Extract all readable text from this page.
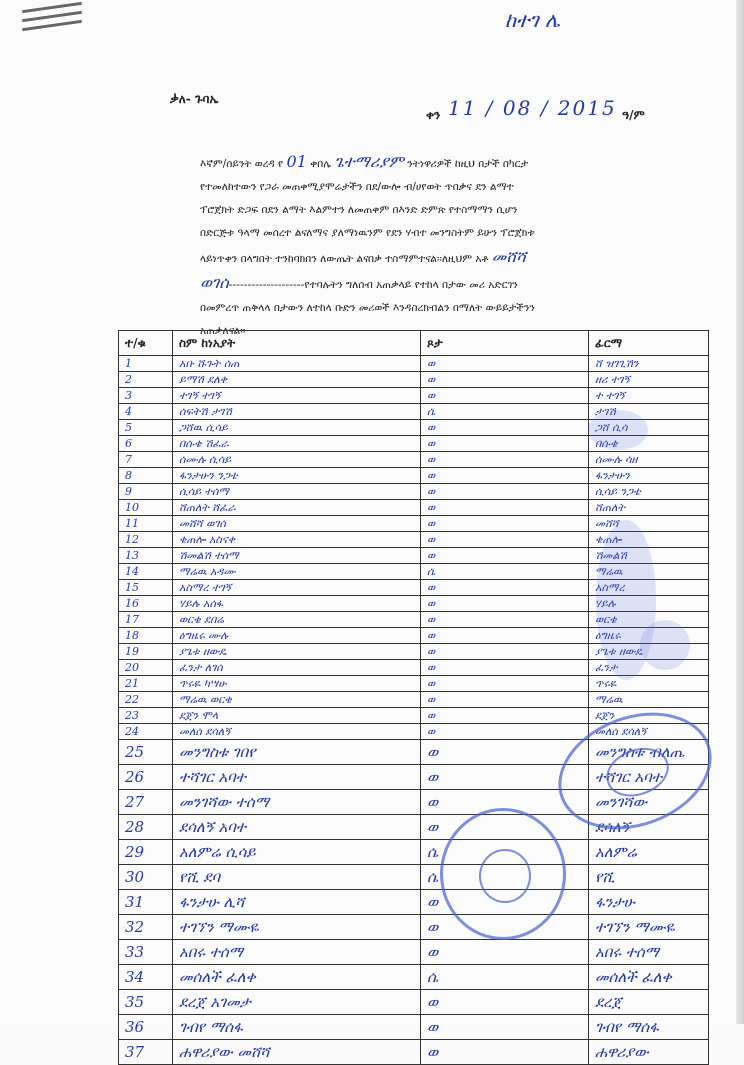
ከተገ ሌ
ቃለ- ጉባኤ
ቀን 11 / 08 / 2015 ዓ/ም
እኛም/ሰይንት ወረዳ የ 01 ቀበሌ ጌተማሪያም ንትነዋሪዎች ከዚህ በታች በካርታ
የተመለከተውን የጋራ መጠቀሚያሞሬታችን በደ/ውሎ ብ/ሀየወት ጥበቃና ደን ልማተ
ፕሮጀክት ድጋፍ በደን ልማት እልምተን ለመጠቀም በእንድ ድምጽ የተስማማን ሲሆን
በድርጅቱ ዓላማ መሰረተ ልናለማና ያለማነዉንም የደን ሃብተ መንግስትም ይሁን ፕሮጀክቱ
ላይነጥቀን በላግበት ተንከባክበን ለውጤት ልናበቃ ተስማምተናል፡፡ለዚህም አቶ መሸሻ
ወገሰ--------------------የተባሉትን ግለሰብ አጠቃላይ የተከላ በታው መሪ አድርገን
በመምረጥ ጠቅላላ በታውን ለተከላ ቡድን መሪወች እንዳስረክብልን በማለት ውይይታችንን
አጠቃለናል፡፡
ተ/ቁ	ስም ከነአያት	ጾታ	ፊርማ
1	አቡ ሹጉት ሰጠ	ወ	ሸ ዝገጊሽን
2	ይማሽ ደለቀ	ወ	ዘሪ ተገኝ
3	ተገኝ ተገኝ	ወ	ተ ተገኝ
4	ሰፍትሽ ታገሽ	ሴ	ታገሽ
5	ጋሸዉ ሲሳይ	ወ	ጋሸ ሲሳ
6	በሱቄ ሽፈራ	ወ	በሱቄ
7	ሰሙሉ ሲሳይ	ወ	ሰሙሉ ሳዘ
8	ፋንታሁን ንጋቴ	ወ	ፋንታሁን
9	ሲሳይ ተሰማ	ወ	ሲሳይ ንጋቴ
10	ሸጠለት ሸፈራ	ወ	ሸጠለት
11	መሸሻ ወገሰ	ወ	መሸሻ
12	ቄጠሎ አስናቀ	ወ	ቄጠሎ
13	ሽመልሽ ተሰማ	ወ	ሽመልሽ
14	ማሬዉ አዳሙ	ሴ	ማሬዉ
15	አስማረ ተገኝ	ወ	አስማረ
16	ሃይሉ አሰፋ	ወ	ሃይሉ
17	ወርቄ ደበሬ	ወ	ወርቄ
18	ዕግዜሩ ሙሉ	ወ	ዕግዜሩ
19	ያጌቱ ዘውዴ	ወ	ያጌቱ ዘውዴ
20	ፈንታ ለገሰ	ወ	ፈንታ
21	ጥሩዬ ካሣሁ	ወ	ጥሩዬ
22	ማሬዉ ወርቄ	ወ	ማሬዉ
23	ደጀን ሞላ	ወ	ደጀን
24	መለሰ ደሳለኝ	ወ	መለሰ ደሳለኝ
25	መንግስቱ ገበየ	ወ	መንግስቱ ብለጤ
26	ተሻገር አባተ	ወ	ተሻገር አባተ
27	መንገሻው ተሰማ	ወ	መንገሻው
28	ደሳለኝ አባተ	ወ	ደሳለኝ
29	አለምሬ ሲሳይ	ሴ	አለምሬ
30	የሺ ደባ	ሴ	የሺ
31	ፋንታሁ ሊሻ	ወ	ፋንታሁ
32	ተገኘን ማሙዬ	ወ	ተገኘን ማሙዬ
33	አበሩ ተሰማ	ወ	አበሩ ተሰማ
34	መሰለች ፈለቀ	ሴ	መሰለች ፈለቀ
35	ደረጀ አገመታ	ወ	ደረጀ
36	ገብየ ማሰፋ	ወ	ገብየ ማሰፋ
37	ሐዋሪያው መሸሻ	ወ	ሐዋሪያው
